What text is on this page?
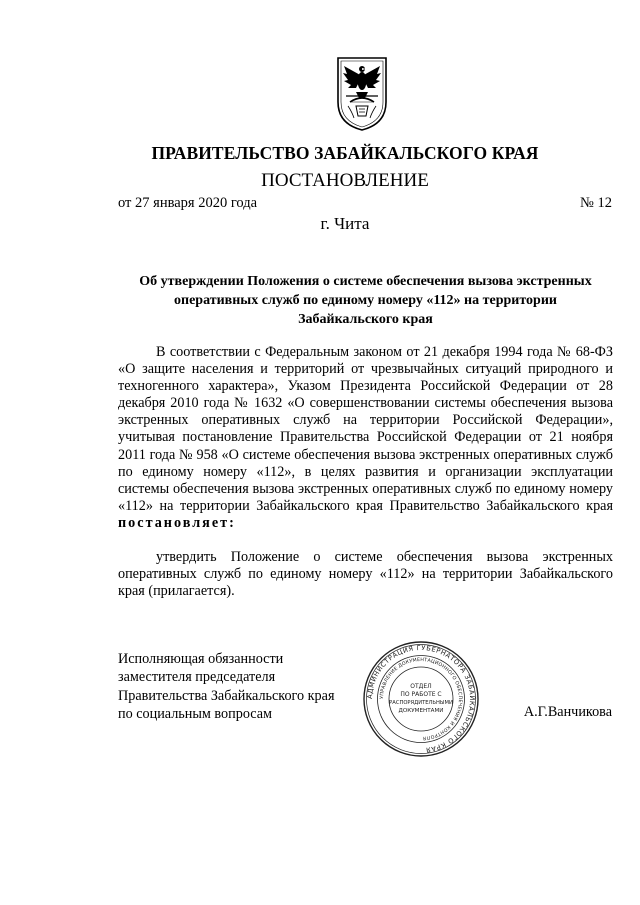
ПРАВИТЕЛЬСТВО ЗАБАЙКАЛЬСКОГО КРАЯ
ПОСТАНОВЛЕНИЕ
от 27 января 2020 года	№ 12
г. Чита
Об утверждении Положения о системе обеспечения вызова экстренных
оперативных служб по единому номеру «112» на территории
Забайкальского края

В соответствии с Федеральным законом от 21 декабря 1994 года № 68-ФЗ «О защите населения и территорий от чрезвычайных ситуаций природного и техногенного характера», Указом Президента Российской Федерации от 28 декабря 2010 года № 1632 «О совершенствовании системы обеспечения вызова экстренных оперативных служб на территории Российской Федерации», учитывая постановление Правительства Российской Федерации от 21 ноября 2011 года № 958 «О системе обеспечения вызова экстренных оперативных служб по единому номеру «112», в целях развития и организации эксплуатации системы обеспечения вызова экстренных оперативных служб по единому номеру «112» на территории Забайкальского края Правительство Забайкальского края постановляет:

утвердить Положение о системе обеспечения вызова экстренных оперативных служб по единому номеру «112» на территории Забайкальского края (прилагается).

Исполняющая обязанности
заместителя председателя
Правительства Забайкальского края
по социальным вопросам
АДМИНИСТРАЦИЯ ГУБЕРНАТОРА ЗАБАЙКАЛЬСКОГО КРАЯ
УПРАВЛЕНИЕ ДОКУМЕНТАЦИОННОГО ОБЕСПЕЧЕНИЯ И КОНТРОЛЯ
ОТДЕЛ
ПО РАБОТЕ С
РАСПОРЯДИТЕЛЬНЫМИ
ДОКУМЕНТАМИ	А.Г.Ванчикова
